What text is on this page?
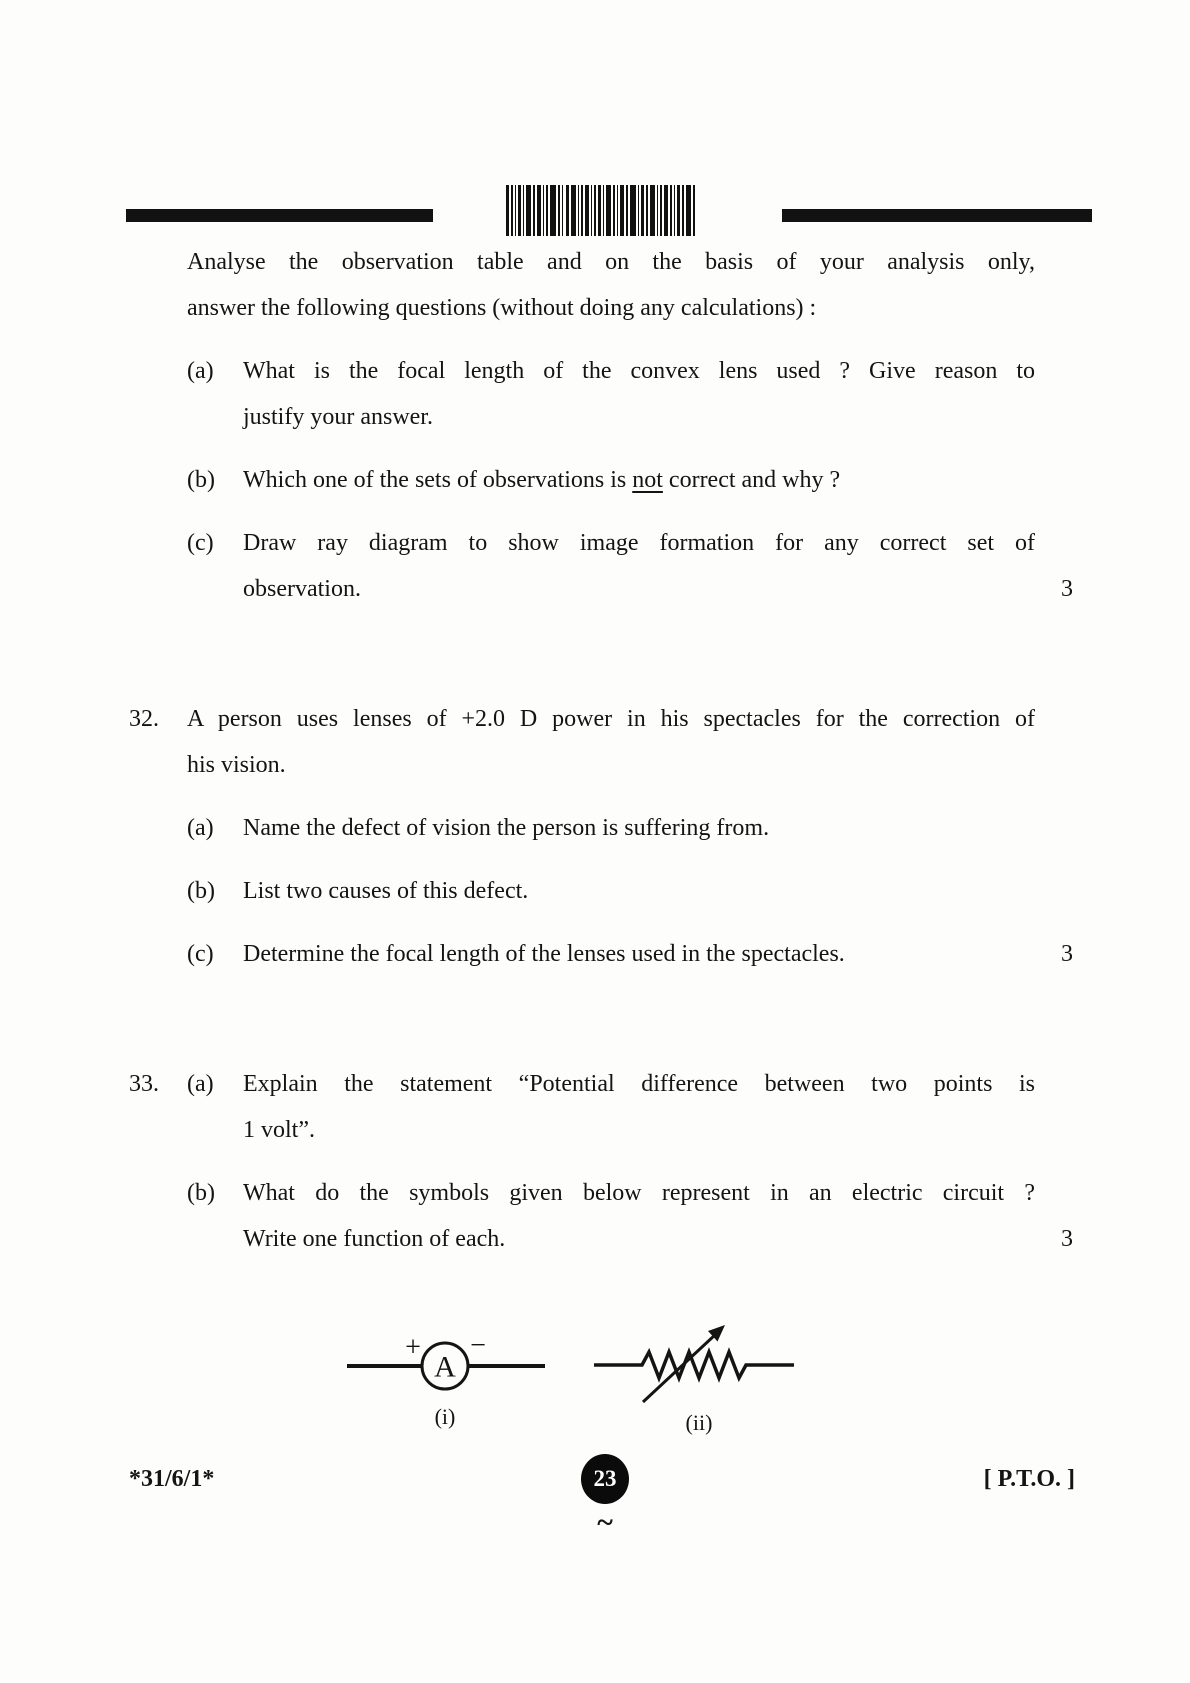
Analyse the observation table and on the basis of your analysis only,
answer the following questions (without doing any calculations) :
(a) What is the focal length of the convex lens used ? Give reason to
justify your answer.
(b) Which one of the sets of observations is not correct and why ?
(c) Draw ray diagram to show image formation for any correct set of
observation.	3
32. A person uses lenses of +2.0 D power in his spectacles for the correction of
his vision.
(a) Name the defect of vision the person is suffering from.
(b) List two causes of this defect.
(c) Determine the focal length of the lenses used in the spectacles.	3
33. (a) Explain the statement “Potential difference between two points is
1 volt”.
(b) What do the symbols given below represent in an electric circuit ?
Write one function of each.	3
A
+ −
(i)	(ii)
*31/6/1*	23	[ P.T.O. ]
~
